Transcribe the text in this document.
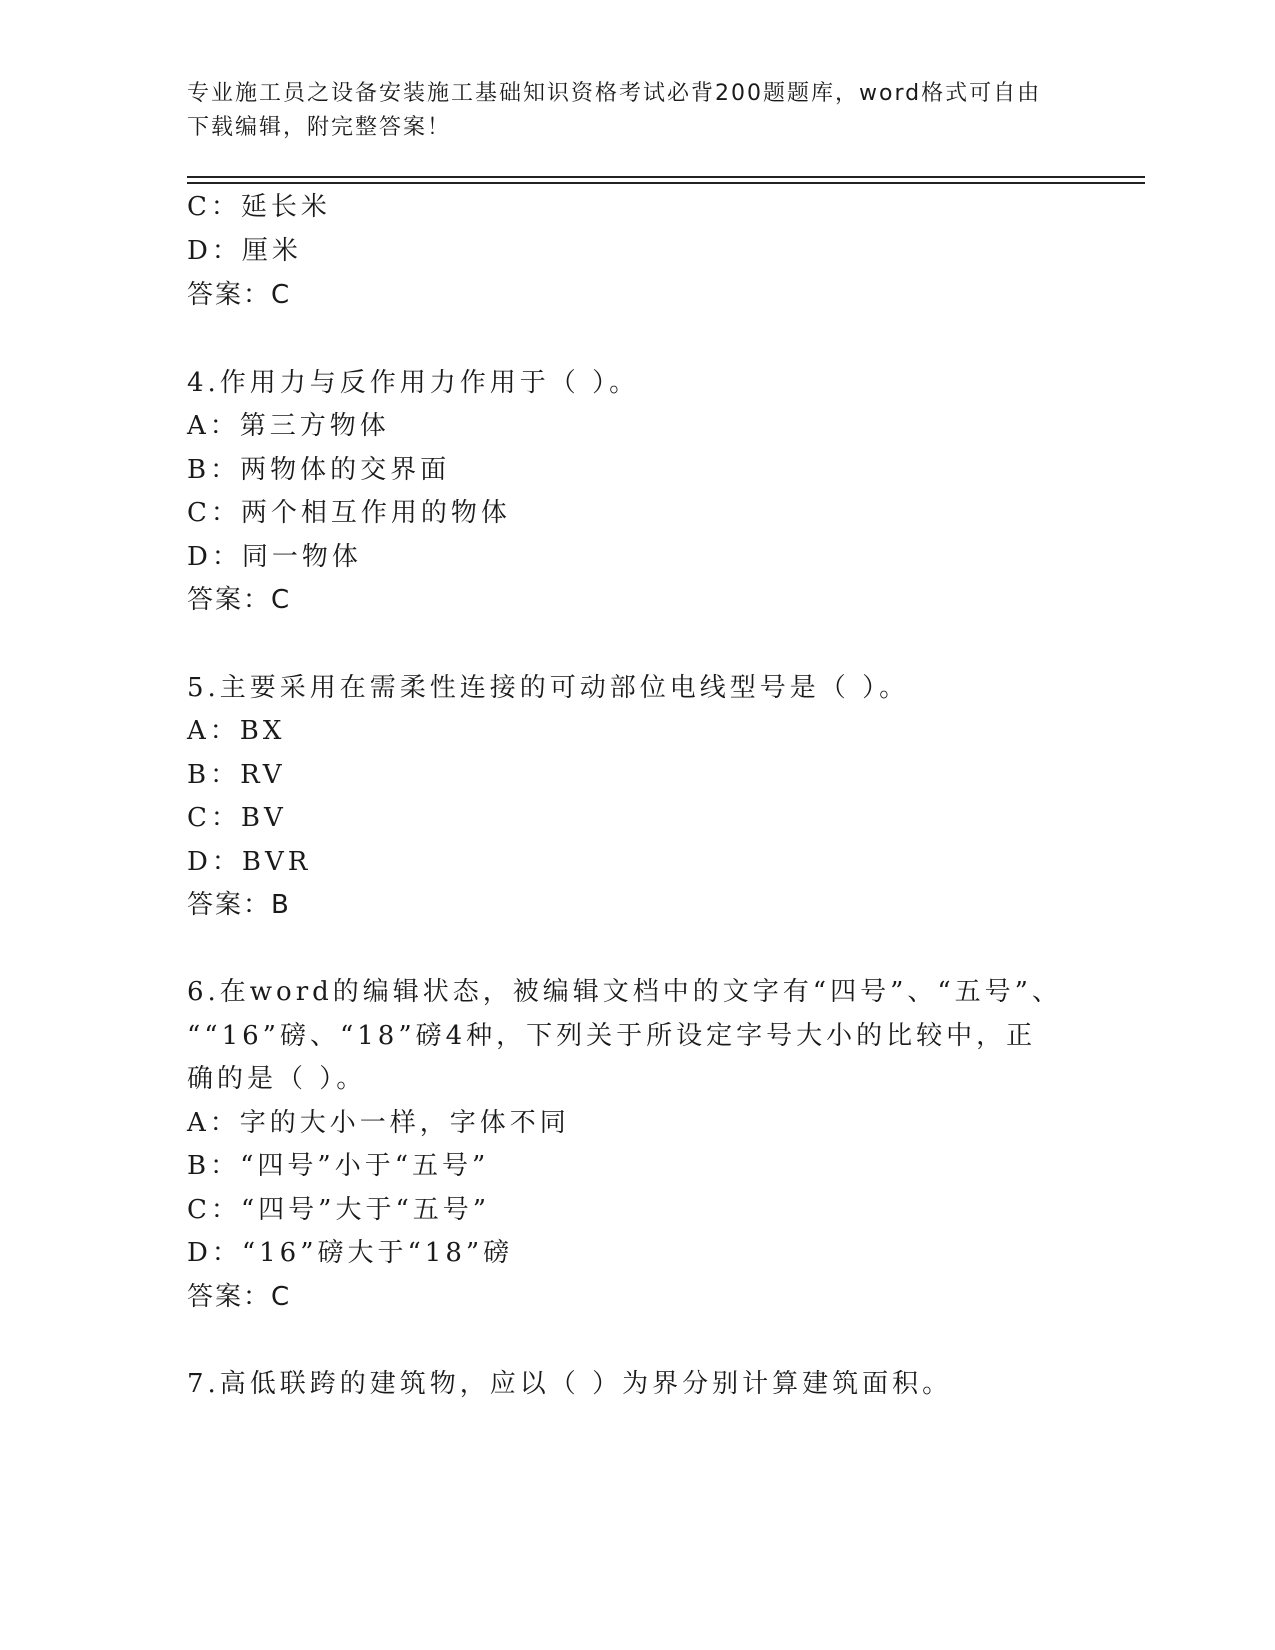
专业施工员之设备安装施工基础知识资格考试必背200题题库，word格式可自由
下载编辑，附完整答案！
C：延长米
D：厘米
答案：C
4.作用力与反作用力作用于（ ）。
A：第三方物体
B：两物体的交界面
C：两个相互作用的物体
D：同一物体
答案：C
5.主要采用在需柔性连接的可动部位电线型号是（ ）。
A：BX
B：RV
C：BV
D：BVR
答案：B
6.在word的编辑状态，被编辑文档中的文字有“四号”、“五号”、
““16”磅、“18”磅4种，下列关于所设定字号大小的比较中，正
确的是（ ）。
A：字的大小一样，字体不同
B：“四号”小于“五号”
C：“四号”大于“五号”
D：“16”磅大于“18”磅
答案：C
7.高低联跨的建筑物，应以（ ）为界分别计算建筑面积。
